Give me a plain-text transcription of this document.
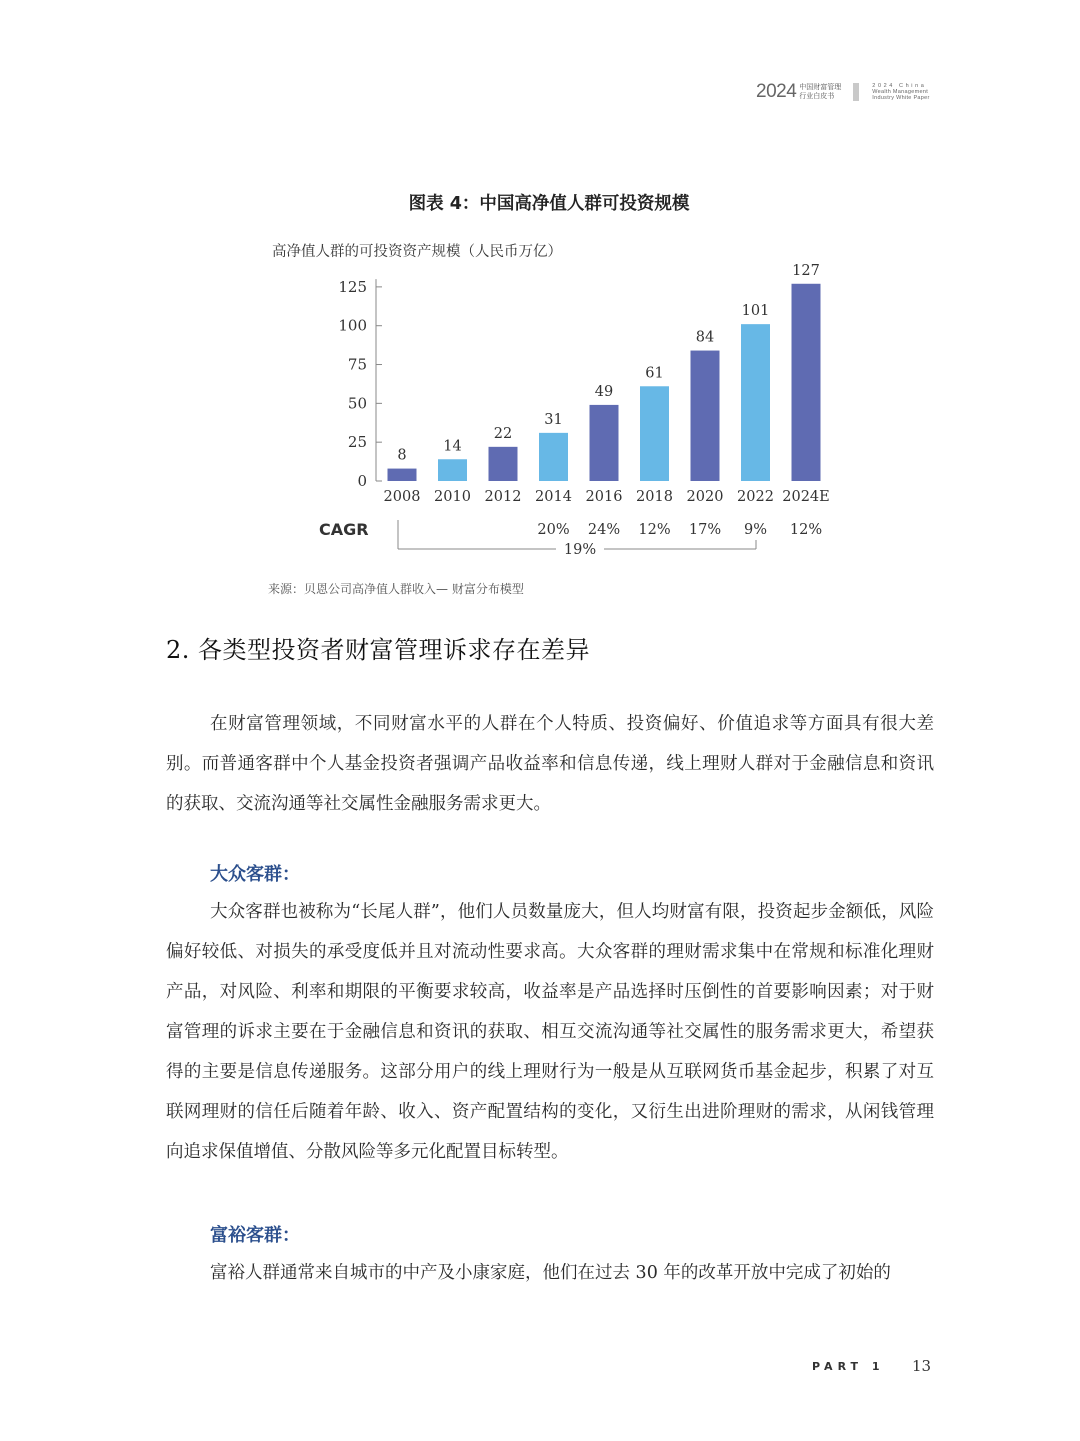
2024 中国财富管理
行业白皮书
2024 China
Wealth Management
Industry White Paper
图表 4：中国高净值人群可投资规模
高净值人群的可投资资产规模（人民币万亿）
0
25
50
75
100
125
8
2008
14
2010
22
2012
31
2014
49
2016
61
2018
84
2020
101
2022
127
2024E
CAGR	20% 24% 12% 17% 9% 12%
19%
来源：贝恩公司高净值人群收入— 财富分布模型
2. 各类型投资者财富管理诉求存在差异

在财富管理领域，不同财富水平的人群在个人特质、投资偏好、价值追求等方面具有很大差别。而普通客群中个人基金投资者强调产品收益率和信息传递，线上理财人群对于金融信息和资讯的获取、交流沟通等社交属性金融服务需求更大。

大众客群：

大众客群也被称为“长尾人群”，他们人员数量庞大，但人均财富有限，投资起步金额低，风险偏好较低、对损失的承受度低并且对流动性要求高。大众客群的理财需求集中在常规和标准化理财产品，对风险、利率和期限的平衡要求较高，收益率是产品选择时压倒性的首要影响因素；对于财富管理的诉求主要在于金融信息和资讯的获取、相互交流沟通等社交属性的服务需求更大，希望获得的主要是信息传递服务。这部分用户的线上理财行为一般是从互联网货币基金起步，积累了对互联网理财的信任后随着年龄、收入、资产配置结构的变化，又衍生出进阶理财的需求，从闲钱管理向追求保值增值、分散风险等多元化配置目标转型。

富裕客群：

富裕人群通常来自城市的中产及小康家庭，他们在过去 30 年的改革开放中完成了初始的

PART 1 13
